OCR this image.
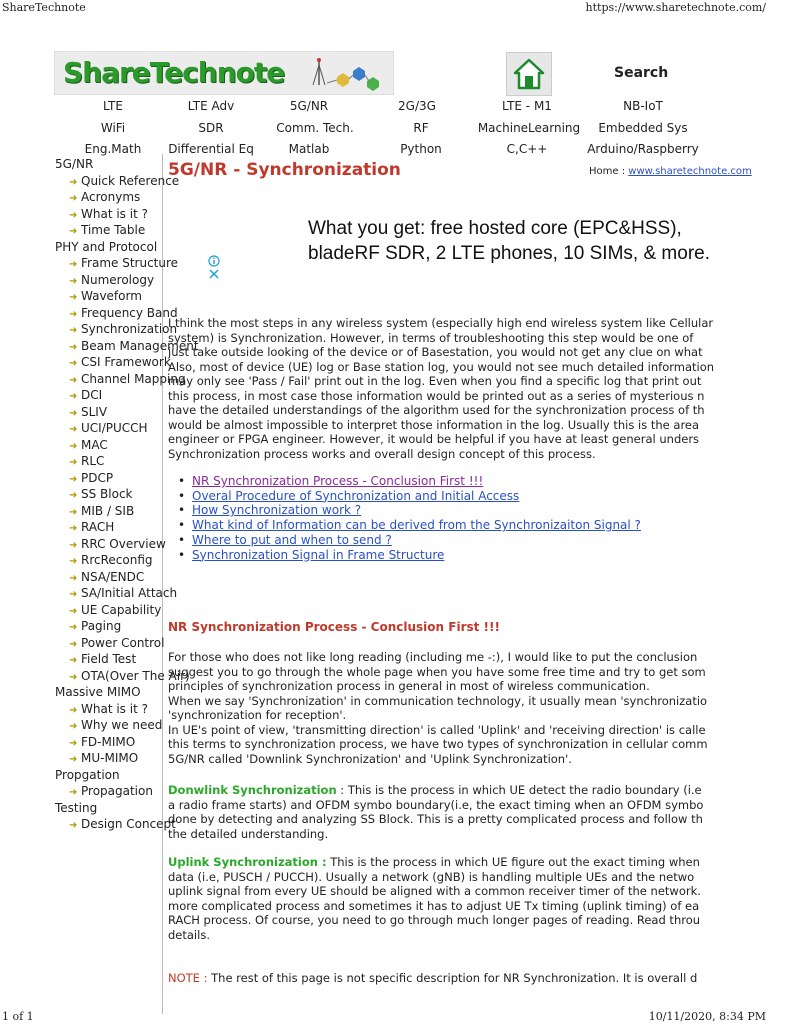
ShareTechnote	https://www.sharetechnote.com/
ShareTechnote	Search
LTE	LTE Adv	5G/NR	2G/3G	LTE - M1	NB-IoT
WiFi	SDR	Comm. Tech.	RF	MachineLearning	Embedded Sys
Eng.Math	Differential Eq	Matlab	Python	C,C++	Arduino/Raspberry
5G/NR
➜ Quick Reference
➜ Acronyms
➜ What is it ?
➜ Time Table
PHY and Protocol
➜ Frame Structure
➜ Numerology
➜ Waveform
➜ Frequency Band
➜ Synchronization
➜ Beam Management
➜ CSI Framework
➜ Channel Mapping
➜ DCI
➜ SLIV
➜ UCI/PUCCH
➜ MAC
➜ RLC
➜ PDCP
➜ SS Block
➜ MIB / SIB
➜ RACH
➜ RRC Overview
➜ RrcReconfig
➜ NSA/ENDC
➜ SA/Initial Attach
➜ UE Capability
➜ Paging
➜ Power Control
➜ Field Test
➜ OTA(Over The Air)
Massive MIMO
➜ What is it ?
➜ Why we need
➜ FD-MIMO
➜ MU-MIMO
Propgation
➜ Propagation
Testing
➜ Design Concept
5G/NR - Synchronization	Home : www.sharetechnote.com
What you get: free hosted core (EPC&HSS),
bladeRF SDR, 2 LTE phones, 10 SIMs, & more.
I think the most steps in any wireless system (especially high end wireless system like Cellular
system) is Synchronization. However, in terms of troubleshooting this step would be one of
just take outside looking of the device or of Basestation, you would not get any clue on what
Also, most of device (UE) log or Base station log, you would not see much detailed information
may only see 'Pass / Fail' print out in the log. Even when you find a specific log that print out
this process, in most case those information would be printed out as a series of mysterious n
have the detailed understandings of the algorithm used for the synchronization process of th
would be almost impossible to interpret those information in the log. Usually this is the area
engineer or FPGA engineer. However, it would be helpful if you have at least general unders
Synchronization process works and overall design concept of this process.
• NR Synchronization Process - Conclusion First !!!
• Overal Procedure of Synchronization and Initial Access
• How Synchronization work ?
• What kind of Information can be derived from the Synchronizaiton Signal ?
• Where to put and when to send ?
• Synchronization Signal in Frame Structure
NR Synchronization Process - Conclusion First !!!
For those who does not like long reading (including me -:), I would like to put the conclusion
suggest you to go through the whole page when you have some free time and try to get som
principles of synchronization process in general in most of wireless communication.
When we say 'Synchronization' in communication technology, it usually mean 'synchronizatio
'synchronization for reception'.
In UE's point of view, 'transmitting direction' is called 'Uplink' and 'receiving direction' is calle
this terms to synchronization process, we have two types of synchronization in cellular comm
5G/NR called 'Downlink Synchronization' and 'Uplink Synchronization'.
Donwlink Synchronization : This is the process in which UE detect the radio boundary (i.e
a radio frame starts) and OFDM symbo boundary(i.e, the exact timing when an OFDM symbo
done by detecting and analyzing SS Block. This is a pretty complicated process and follow th
the detailed understanding.
Uplink Synchronization : This is the process in which UE figure out the exact timing when
data (i.e, PUSCH / PUCCH). Usually a network (gNB) is handling multiple UEs and the netwo
uplink signal from every UE should be aligned with a common receiver timer of the network.
more complicated process and sometimes it has to adjust UE Tx timing (uplink timing) of ea
RACH process. Of course, you need to go through much longer pages of reading. Read throu
details.
NOTE : The rest of this page is not specific description for NR Synchronization. It is overall d
1 of 1	10/11/2020, 8:34 PM
